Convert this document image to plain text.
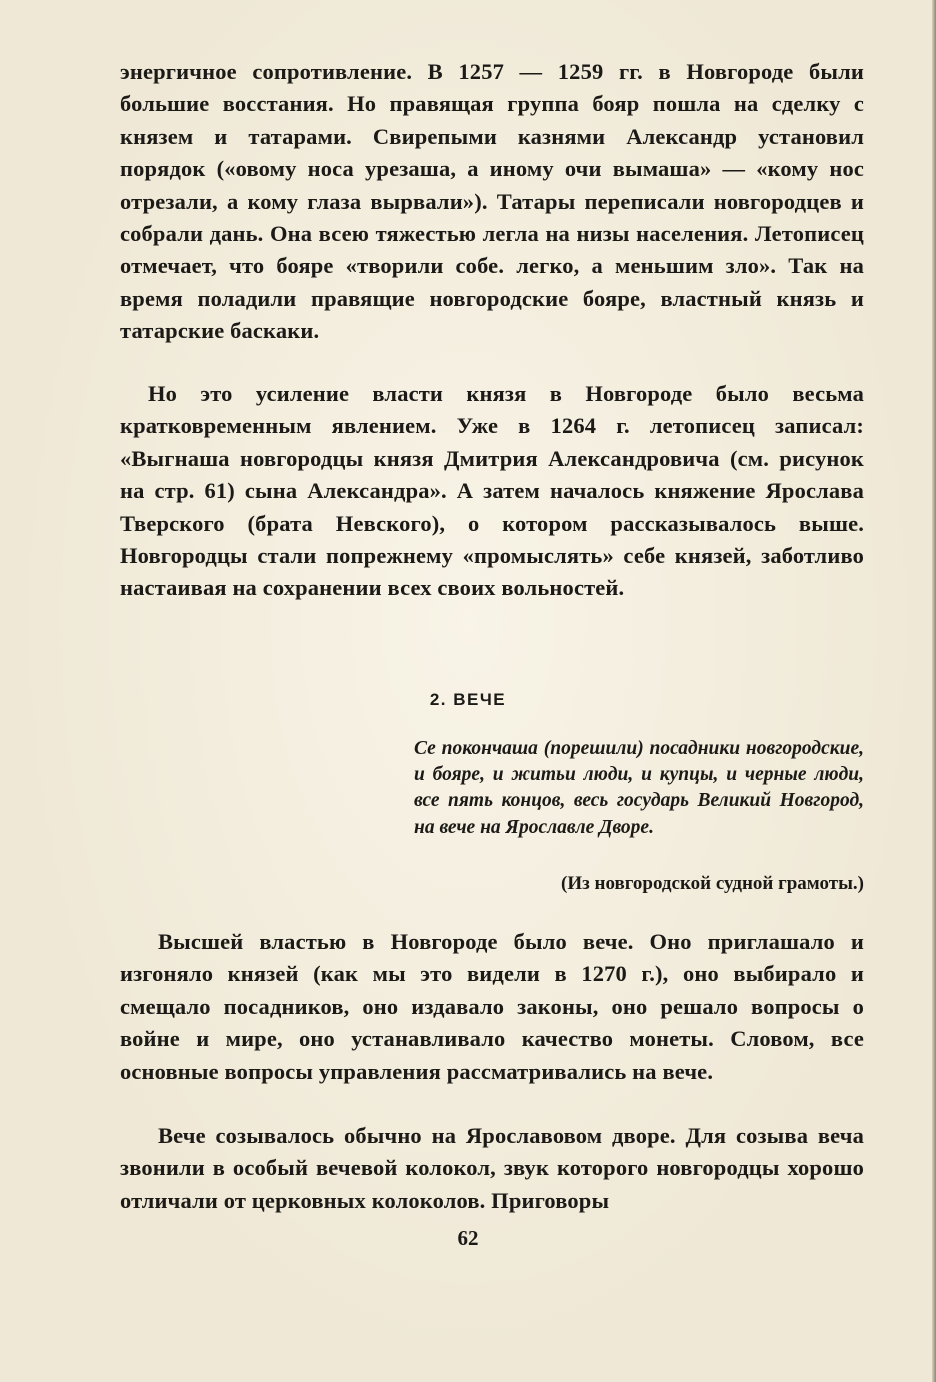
энергичное сопротивление. В 1257 — 1259 гг. в Новгороде были большие восстания. Но правящая группа бояр пошла на сделку с князем и татарами. Свирепыми казнями Александр установил порядок («овому носа урезаша, а иному очи вымаша» — «кому нос отрезали, а кому глаза вырвали»). Татары переписали новгородцев и собрали дань. Она всею тяжестью легла на низы населения. Летописец отмечает, что бояре «творили собе. легко, а меньшим зло». Так на время поладили правящие новгородские бояре, властный князь и татарские баскаки.

Но это усиление власти князя в Новгороде было весьма кратковременным явлением. Уже в 1264 г. летописец записал: «Выгнаша новгородцы князя Дмитрия Александровича (см. рисунок на стр. 61) сына Александра». А затем началось княжение Ярослава Тверского (брата Невского), о котором рассказывалось выше. Новгородцы стали попрежнему «промыслять» себе князей, заботливо настаивая на сохранении всех своих вольностей.

2. ВЕЧЕ

Се покончаша (порешили) посадники новгородские, и бояре, и житьи люди, и купцы, и черные люди, все пять концов, весь государь Великий Новгород, на вече на Ярославле Дворе.

(Из новгородской судной грамоты.)

Высшей властью в Новгороде было вече. Оно приглашало и изгоняло князей (как мы это видели в 1270 г.), оно выбирало и смещало посадников, оно издавало законы, оно решало вопросы о войне и мире, оно устанавливало качество монеты. Словом, все основные вопросы управления рассматривались на вече.

Вече созывалось обычно на Ярославовом дворе. Для созыва веча звонили в особый вечевой колокол, звук которого новгородцы хорошо отличали от церковных колоколов. Приговоры

62
